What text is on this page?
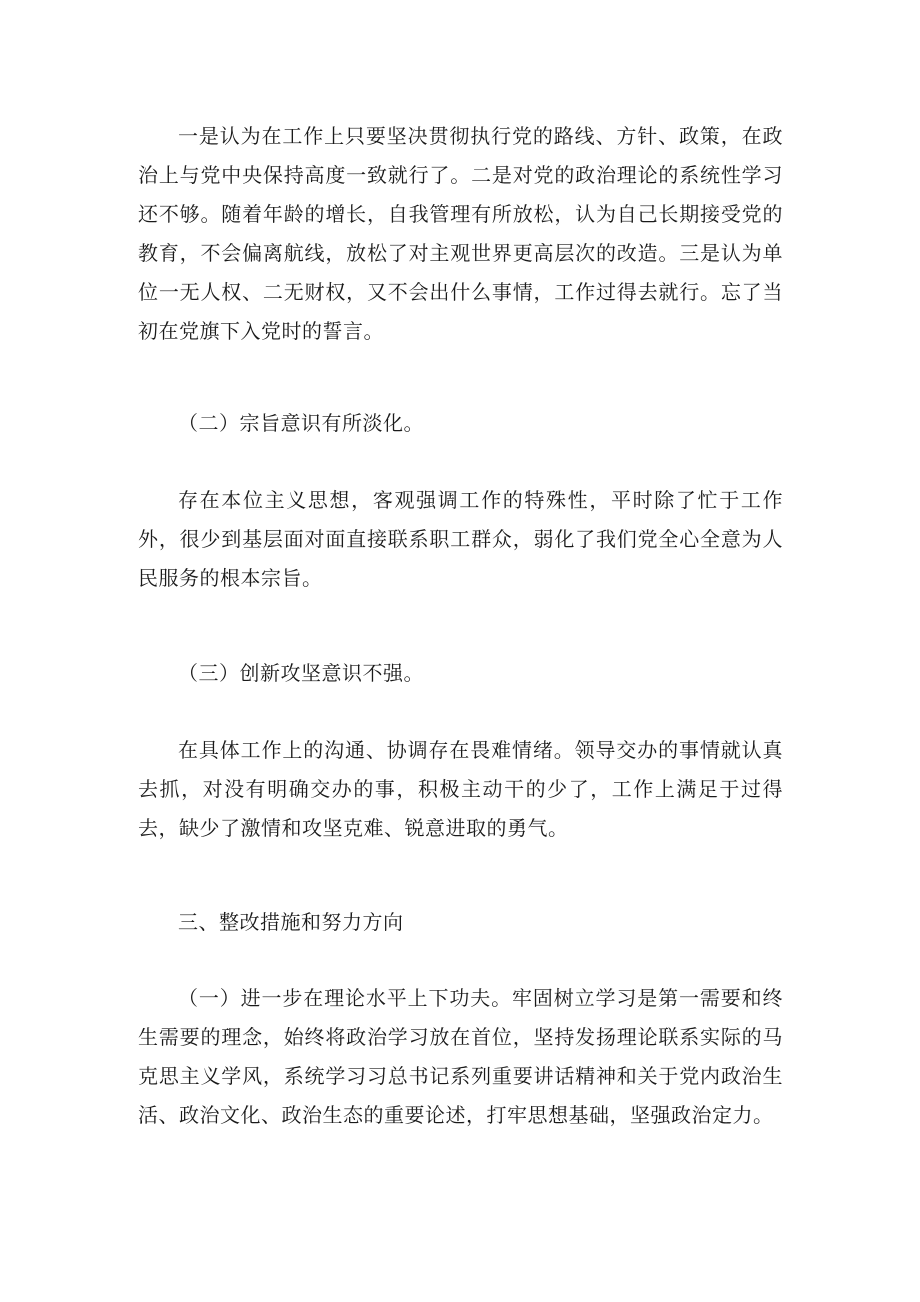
一是认为在工作上只要坚决贯彻执行党的路线、方针、政策，在政治上与党中央保持高度一致就行了。二是对党的政治理论的系统性学习还不够。随着年龄的增长，自我管理有所放松，认为自己长期接受党的教育，不会偏离航线，放松了对主观世界更高层次的改造。三是认为单位一无人权、二无财权，又不会出什么事情，工作过得去就行。忘了当初在党旗下入党时的誓言。

（二）宗旨意识有所淡化。

存在本位主义思想，客观强调工作的特殊性，平时除了忙于工作外，很少到基层面对面直接联系职工群众，弱化了我们党全心全意为人民服务的根本宗旨。

（三）创新攻坚意识不强。

在具体工作上的沟通、协调存在畏难情绪。领导交办的事情就认真去抓，对没有明确交办的事，积极主动干的少了，工作上满足于过得去，缺少了激情和攻坚克难、锐意进取的勇气。

三、整改措施和努力方向

（一）进一步在理论水平上下功夫。牢固树立学习是第一需要和终生需要的理念，始终将政治学习放在首位，坚持发扬理论联系实际的马克思主义学风，系统学习习总书记系列重要讲话精神和关于党内政治生活、政治文化、政治生态的重要论述，打牢思想基础，坚强政治定力。
